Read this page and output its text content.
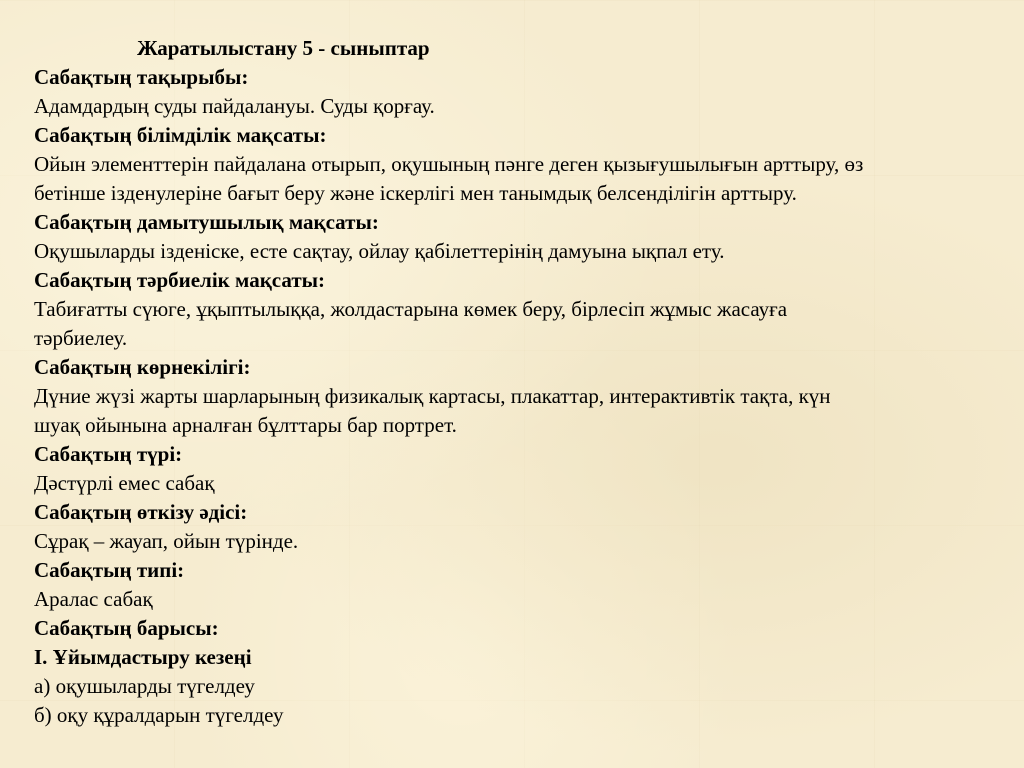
Жаратылыстану 5 - сыныптар
Сабақтың тақырыбы:
Адамдардың суды пайдалануы. Суды қорғау.
Сабақтың білімділік мақсаты:
Ойын элементтерін пайдалана отырып, оқушының пәнге деген қызығушылығын арттыру, өз
бетінше ізденулеріне бағыт беру және іскерлігі мен танымдық белсенділігін арттыру.
Сабақтың дамытушылық мақсаты:
Оқушыларды ізденіске, есте сақтау, ойлау қабілеттерінің дамуына ықпал ету.
Сабақтың тәрбиелік мақсаты:
Табиғатты сүюге, ұқыптылыққа, жолдастарына көмек беру, бірлесіп жұмыс жасауға
тәрбиелеу.
Сабақтың көрнекілігі:
Дүние жүзі жарты шарларының физикалық картасы, плакаттар, интерактивтік тақта, күн
шуақ ойынына арналған бұлттары бар портрет.
Сабақтың түрі:
Дәстүрлі емес сабақ
Сабақтың өткізу әдісі:
Сұрақ – жауап, ойын түрінде.
Сабақтың типі:
Аралас сабақ
Сабақтың барысы:
І. Ұйымдастыру кезеңі
а) оқушыларды түгелдеу
б) оқу құралдарын түгелдеу
